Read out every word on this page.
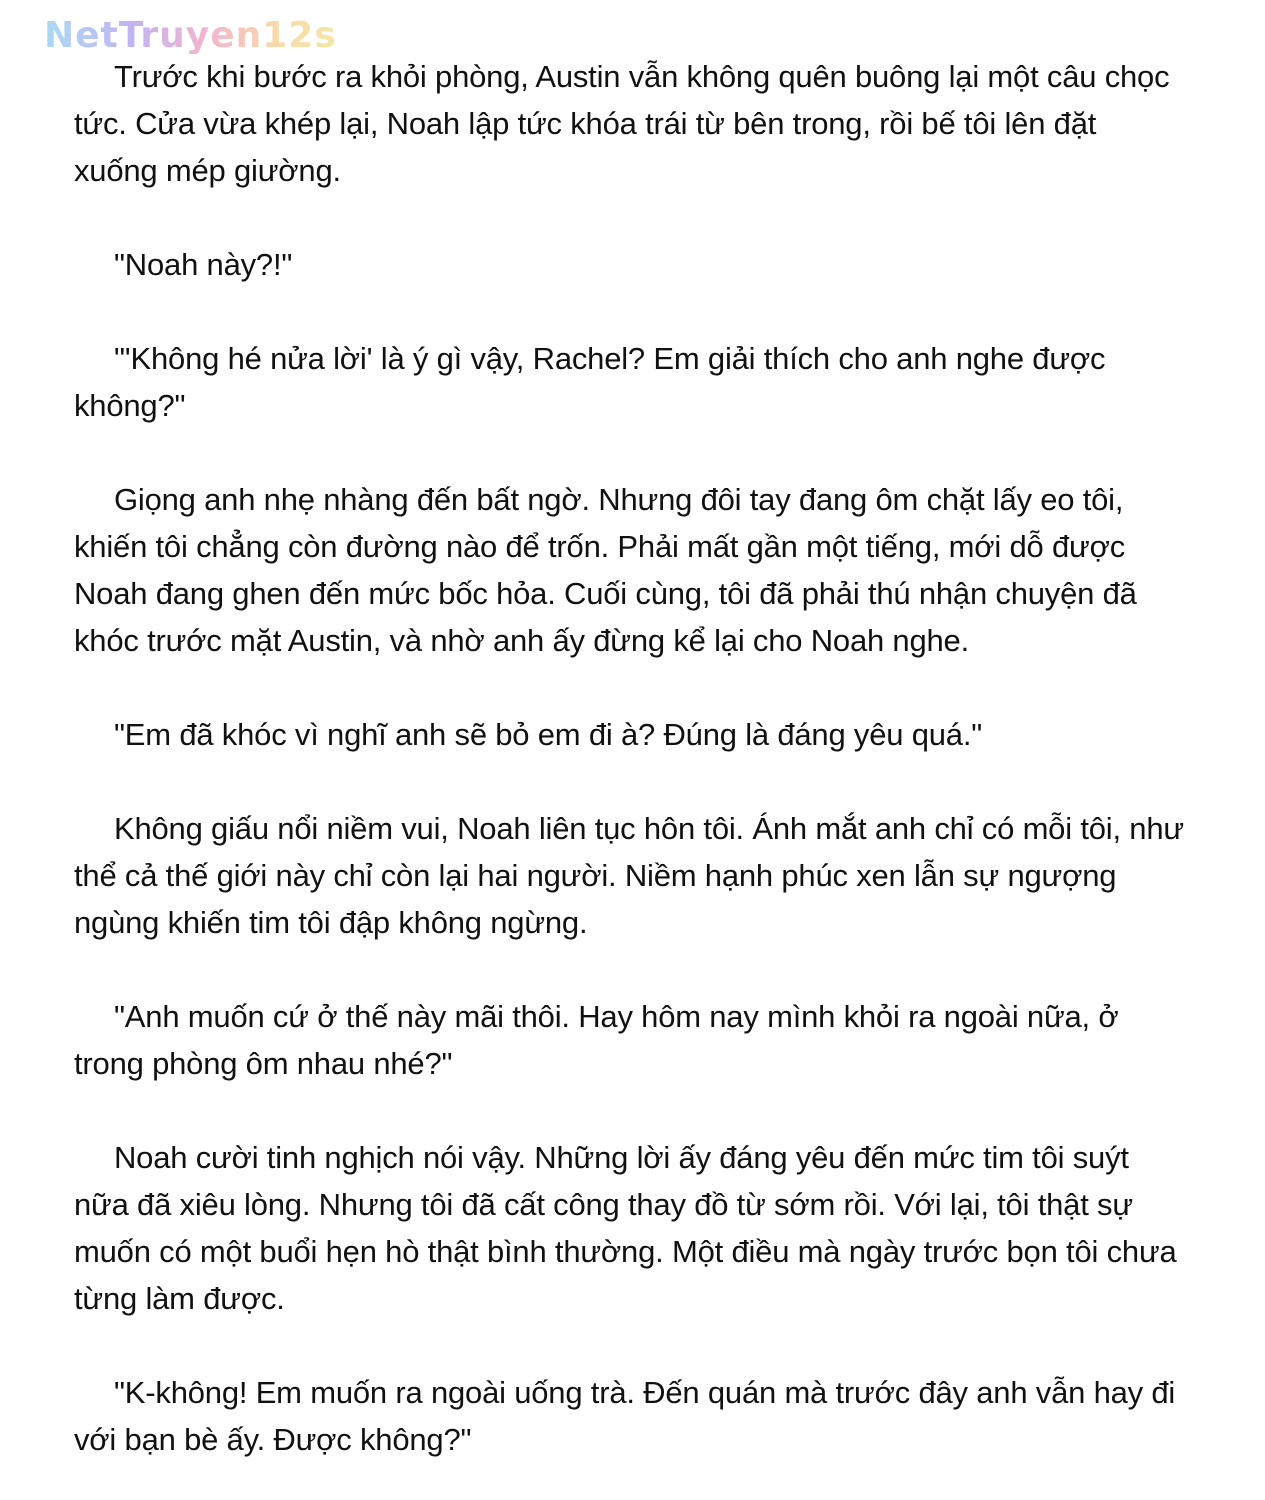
NetTruyen12s

Trước khi bước ra khỏi phòng, Austin vẫn không quên buông lại một câu chọc tức. Cửa vừa khép lại, Noah lập tức khóa trái từ bên trong, rồi bế tôi lên đặt xuống mép giường.

"Noah này?!"

"'Không hé nửa lời' là ý gì vậy, Rachel? Em giải thích cho anh nghe được không?"

Giọng anh nhẹ nhàng đến bất ngờ. Nhưng đôi tay đang ôm chặt lấy eo tôi, khiến tôi chẳng còn đường nào để trốn. Phải mất gần một tiếng, mới dỗ được Noah đang ghen đến mức bốc hỏa. Cuối cùng, tôi đã phải thú nhận chuyện đã khóc trước mặt Austin, và nhờ anh ấy đừng kể lại cho Noah nghe.

"Em đã khóc vì nghĩ anh sẽ bỏ em đi à? Đúng là đáng yêu quá."

Không giấu nổi niềm vui, Noah liên tục hôn tôi. Ánh mắt anh chỉ có mỗi tôi, như thể cả thế giới này chỉ còn lại hai người. Niềm hạnh phúc xen lẫn sự ngượng ngùng khiến tim tôi đập không ngừng.

"Anh muốn cứ ở thế này mãi thôi. Hay hôm nay mình khỏi ra ngoài nữa, ở trong phòng ôm nhau nhé?"

Noah cười tinh nghịch nói vậy. Những lời ấy đáng yêu đến mức tim tôi suýt nữa đã xiêu lòng. Nhưng tôi đã cất công thay đồ từ sớm rồi. Với lại, tôi thật sự muốn có một buổi hẹn hò thật bình thường. Một điều mà ngày trước bọn tôi chưa từng làm được.

"K-không! Em muốn ra ngoài uống trà. Đến quán mà trước đây anh vẫn hay đi với bạn bè ấy. Được không?"
